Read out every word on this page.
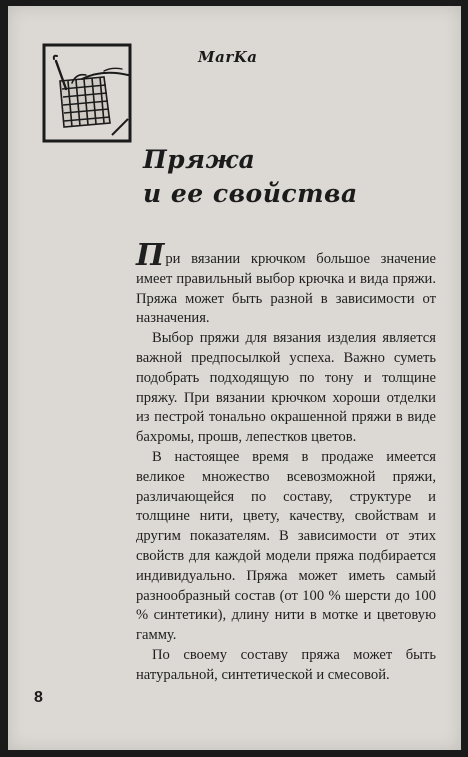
MarKa
Пряжа
и ее свойства

При вязании крючком большое значение имеет правильный выбор крючка и вида пряжи. Пряжа может быть разной в зависимости от назначения.

Выбор пряжи для вязания изделия является важной предпосылкой успеха. Важно суметь подобрать подходящую по тону и толщине пряжу. При вязании крючком хороши отделки из пестрой тонально окрашенной пряжи в виде бахромы, прошв, лепестков цветов.

В настоящее время в продаже имеется великое множество всевозможной пряжи, различающейся по составу, структуре и толщине нити, цвету, качеству, свойствам и другим показателям. В зависимости от этих свойств для каждой модели пряжа подбирается индивидуально. Пряжа может иметь самый разнообразный состав (от 100 % шерсти до 100 % синтетики), длину нити в мотке и цветовую гамму.

По своему составу пряжа может быть натуральной, синтетической и смесовой.

8
